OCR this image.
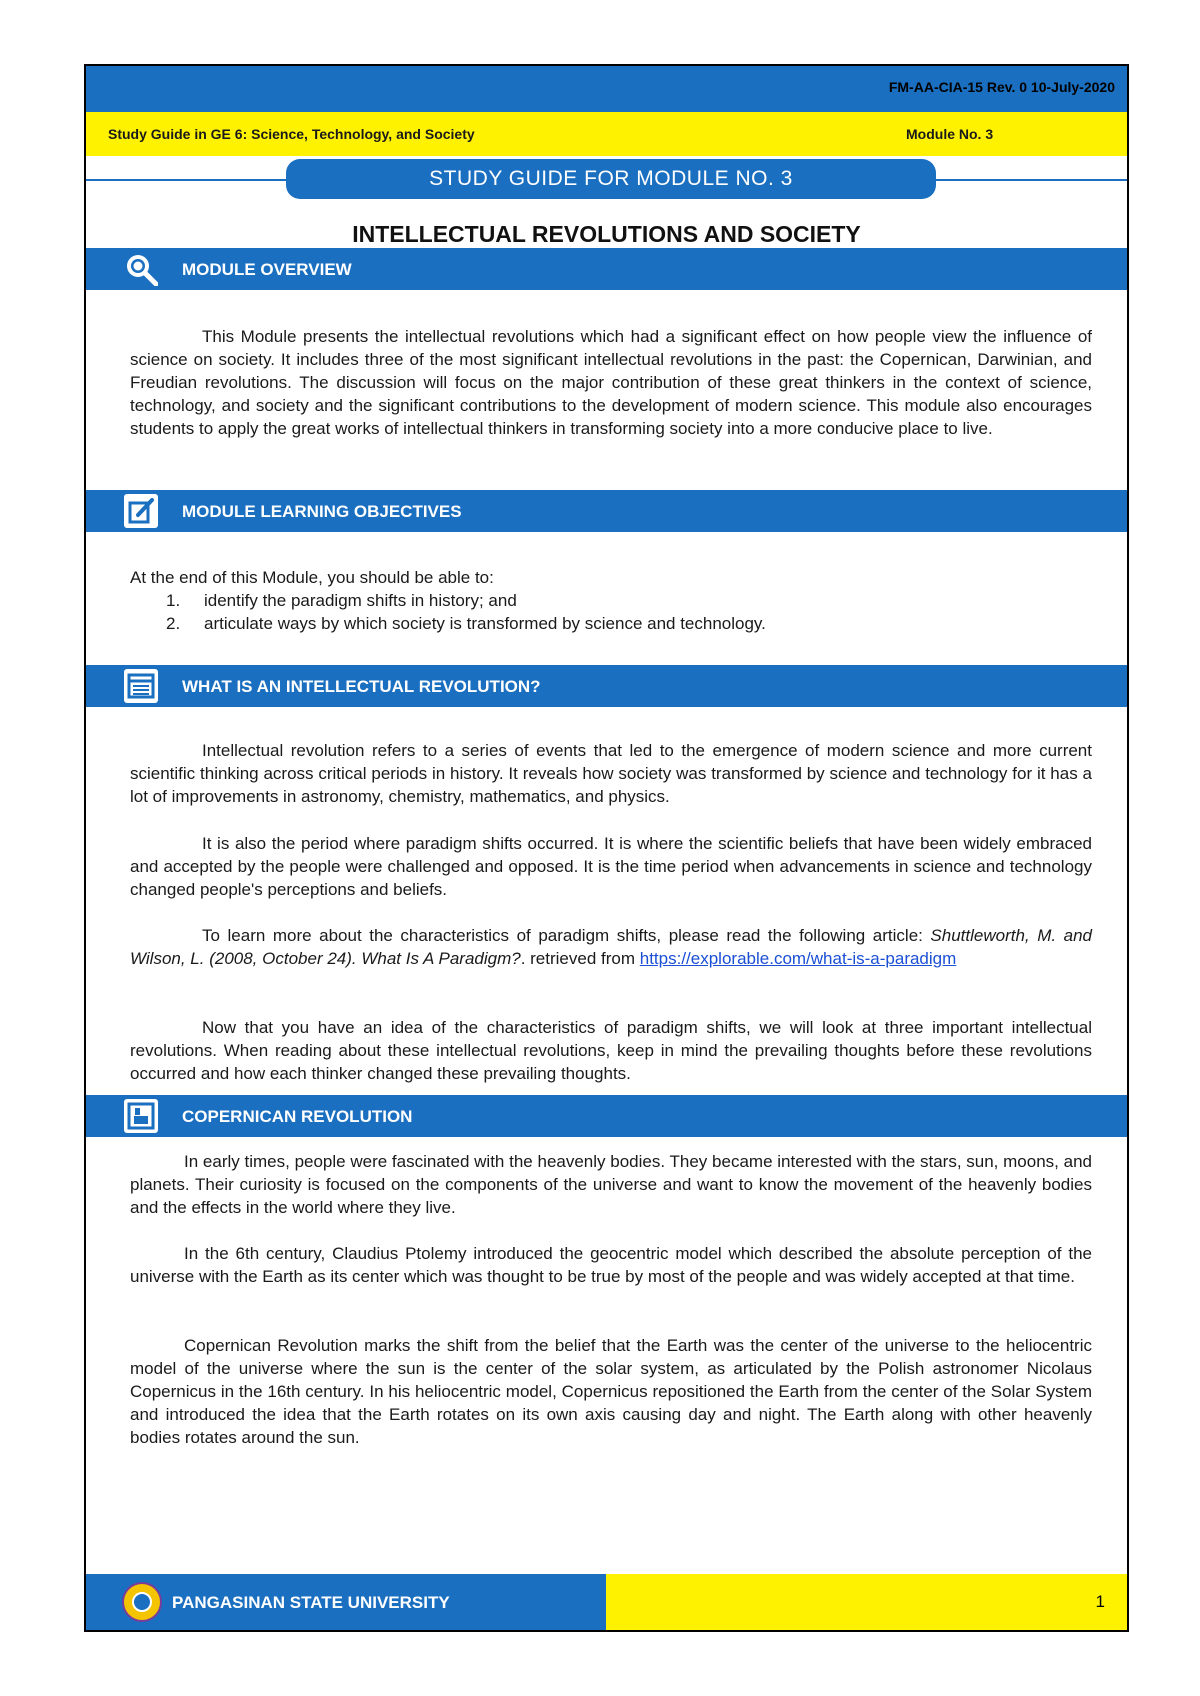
FM-AA-CIA-15 Rev. 0 10-July-2020
Study Guide in GE 6: Science, Technology, and Society	Module No. 3
STUDY GUIDE FOR MODULE NO. 3
INTELLECTUAL REVOLUTIONS AND SOCIETY
MODULE OVERVIEW

This Module presents the intellectual revolutions which had a significant effect on how people view the influence of science on society. It includes three of the most significant intellectual revolutions in the past: the Copernican, Darwinian, and Freudian revolutions. The discussion will focus on the major contribution of these great thinkers in the context of science, technology, and society and the significant contributions to the development of modern science. This module also encourages students to apply the great works of intellectual thinkers in transforming society into a more conducive place to live.

MODULE LEARNING OBJECTIVES
At the end of this Module, you should be able to:
1. identify the paradigm shifts in history; and
2. articulate ways by which society is transformed by science and technology.
WHAT IS AN INTELLECTUAL REVOLUTION?

Intellectual revolution refers to a series of events that led to the emergence of modern science and more current scientific thinking across critical periods in history. It reveals how society was transformed by science and technology for it has a lot of improvements in astronomy, chemistry, mathematics, and physics.

It is also the period where paradigm shifts occurred. It is where the scientific beliefs that have been widely embraced and accepted by the people were challenged and opposed. It is the time period when advancements in science and technology changed people's perceptions and beliefs.

To learn more about the characteristics of paradigm shifts, please read the following article: Shuttleworth, M. and Wilson, L. (2008, October 24). What Is A Paradigm?. retrieved from https://explorable.com/what-is-a-paradigm

Now that you have an idea of the characteristics of paradigm shifts, we will look at three important intellectual revolutions. When reading about these intellectual revolutions, keep in mind the prevailing thoughts before these revolutions occurred and how each thinker changed these prevailing thoughts.

COPERNICAN REVOLUTION

In early times, people were fascinated with the heavenly bodies. They became interested with the stars, sun, moons, and planets. Their curiosity is focused on the components of the universe and want to know the movement of the heavenly bodies and the effects in the world where they live.

In the 6th century, Claudius Ptolemy introduced the geocentric model which described the absolute perception of the universe with the Earth as its center which was thought to be true by most of the people and was widely accepted at that time.

Copernican Revolution marks the shift from the belief that the Earth was the center of the universe to the heliocentric model of the universe where the sun is the center of the solar system, as articulated by the Polish astronomer Nicolaus Copernicus in the 16th century. In his heliocentric model, Copernicus repositioned the Earth from the center of the Solar System and introduced the idea that the Earth rotates on its own axis causing day and night. The Earth along with other heavenly bodies rotates around the sun.

PANGASINAN STATE UNIVERSITY	1
